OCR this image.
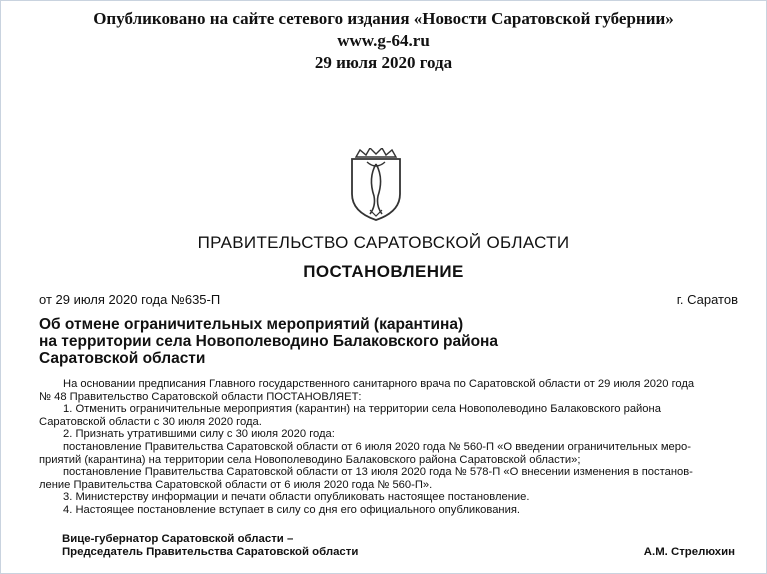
Опубликовано на сайте сетевого издания «Новости Саратовской губернии»
www.g-64.ru
29 июля 2020 года
ПРАВИТЕЛЬСТВО САРАТОВСКОЙ ОБЛАСТИ
ПОСТАНОВЛЕНИЕ
от 29 июля 2020 года №635-П	г. Саратов
Об отмене ограничительных мероприятий (карантина)
на территории села Новополеводино Балаковского района
Саратовской области
На основании предписания Главного государственного санитарного врача по Саратовской области от 29 июля 2020 года
№ 48 Правительство Саратовской области ПОСТАНОВЛЯЕТ:
1. Отменить ограничительные мероприятия (карантин) на территории села Новополеводино Балаковского района
Саратовской области с 30 июля 2020 года.
2. Признать утратившими силу с 30 июля 2020 года:
постановление Правительства Саратовской области от 6 июля 2020 года № 560-П «О введении ограничительных меро-
приятий (карантина) на территории села Новополеводино Балаковского района Саратовской области»;
постановление Правительства Саратовской области от 13 июля 2020 года № 578-П «О внесении изменения в постанов-
ление Правительства Саратовской области от 6 июля 2020 года № 560-П».
3. Министерству информации и печати области опубликовать настоящее постановление.
4. Настоящее постановление вступает в силу со дня его официального опубликования.
Вице-губернатор Саратовской области –
Председатель Правительства Саратовской области	А.М. Стрелюхин
